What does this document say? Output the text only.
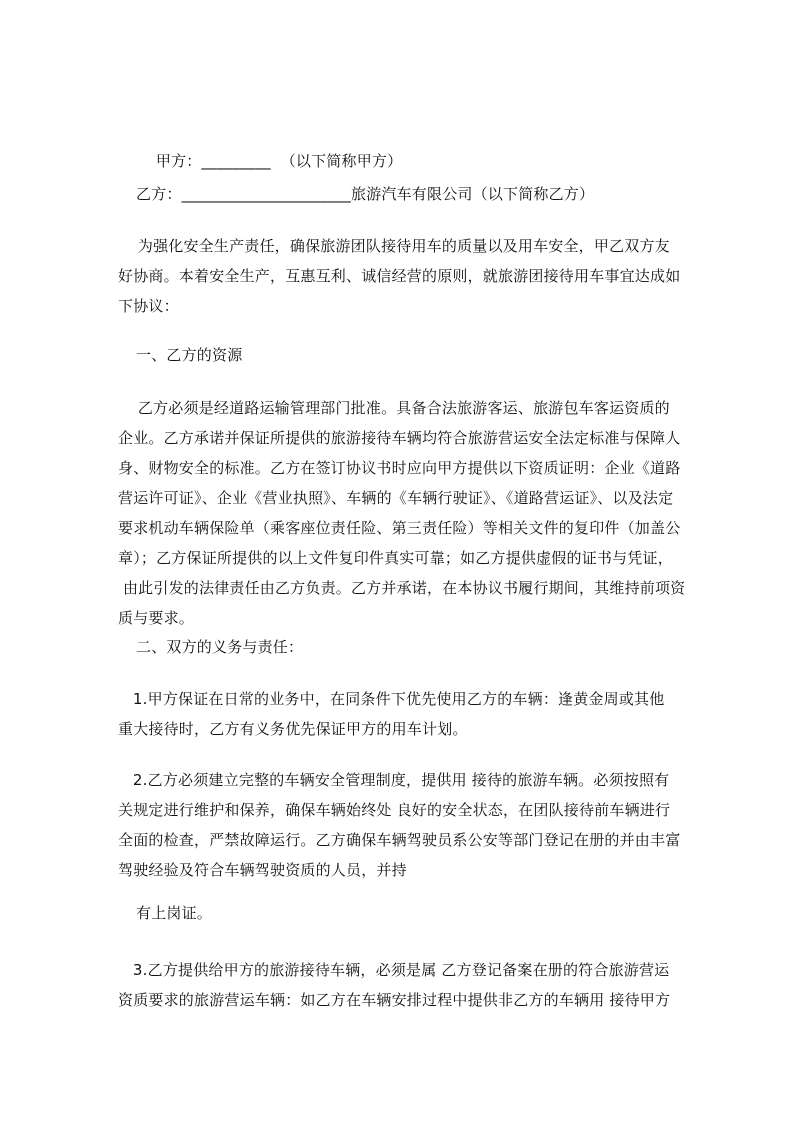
甲方：_________ （以下简称甲方）

乙方：______________________旅游汽车有限公司（以下简称乙方）
为强化安全生产责任，确保旅游团队接待用车的质量以及用车安全，甲乙双方友
好协商。本着安全生产，互惠互利、诚信经营的原则，就旅游团接待用车事宜达成如
下协议：
一、乙方的资源
乙方必须是经道路运输管理部门批准。具备合法旅游客运、旅游包车客运资质的
企业。乙方承诺并保证所提供的旅游接待车辆均符合旅游营运安全法定标准与保障人
身、财物安全的标准。乙方在签订协议书时应向甲方提供以下资质证明：企业《道路
营运许可证》、企业《营业执照》、车辆的《车辆行驶证》、《道路营运证》、以及法定
要求机动车辆保险单（乘客座位责任险、第三责任险）等相关文件的复印件（加盖公
章）；乙方保证所提供的以上文件复印件真实可靠；如乙方提供虚假的证书与凭证，
由此引发的法律责任由乙方负责。乙方并承诺，在本协议书履行期间，其维持前项资
质与要求。
二、双方的义务与责任：
1.甲方保证在日常的业务中，在同条件下优先使用乙方的车辆：逢黄金周或其他
重大接待时，乙方有义务优先保证甲方的用车计划。
2.乙方必须建立完整的车辆安全管理制度，提供用 接待的旅游车辆。必须按照有
关规定进行维护和保养，确保车辆始终处 良好的安全状态，在团队接待前车辆进行
全面的检查，严禁故障运行。乙方确保车辆驾驶员系公安等部门登记在册的并由丰富
驾驶经验及符合车辆驾驶资质的人员，并持
有上岗证。
3.乙方提供给甲方的旅游接待车辆，必须是属 乙方登记备案在册的符合旅游营运
资质要求的旅游营运车辆：如乙方在车辆安排过程中提供非乙方的车辆用 接待甲方
